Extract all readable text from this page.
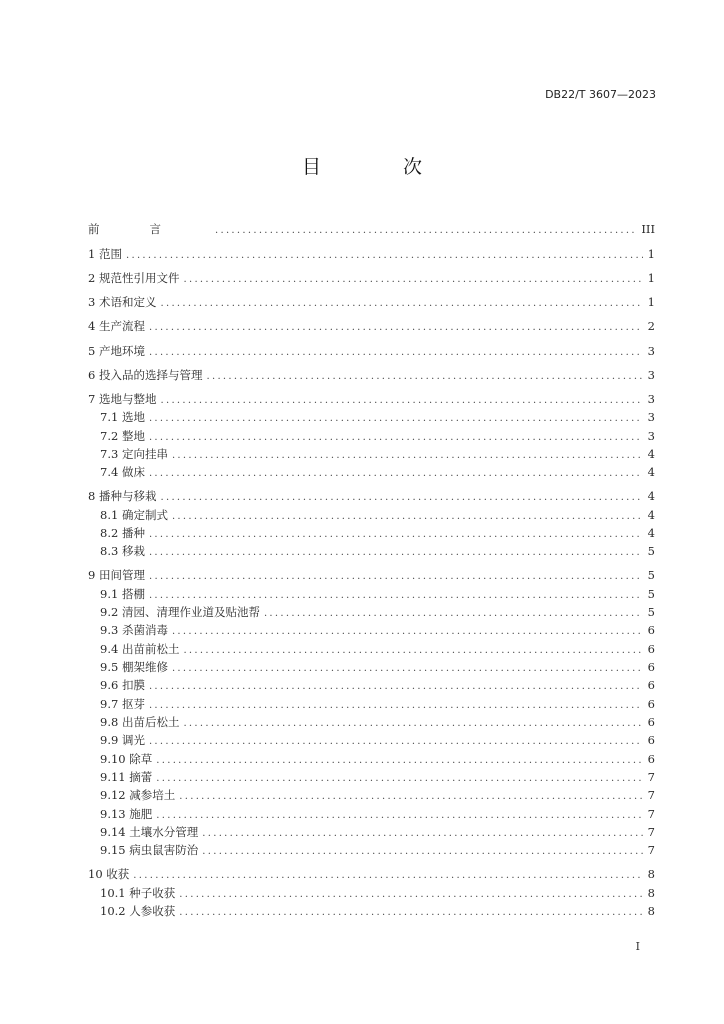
DB22/T 3607—2023
目 次
前言 .....	III
1 范围 .....	1
2 规范性引用文件 .....	1
3 术语和定义 .....	1
4 生产流程 .....	2
5 产地环境 .....	3
6 投入品的选择与管理 .....	3
7 选地与整地 .....	3
7.1 选地 .....	3
7.2 整地 .....	3
7.3 定向挂串 .....	4
7.4 做床 .....	4
8 播种与移栽 .....	4
8.1 确定制式 .....	4
8.2 播种 .....	4
8.3 移栽 .....	5
9 田间管理 .....	5
9.1 搭棚 .....	5
9.2 清园、清理作业道及贴池帮 .....	5
9.3 杀菌消毒 .....	6
9.4 出苗前松土 .....	6
9.5 棚架维修 .....	6
9.6 扣膜 .....	6
9.7 抠芽 .....	6
9.8 出苗后松土 .....	6
9.9 调光 .....	6
9.10 除草 .....	6
9.11 摘蕾 .....	7
9.12 减参培土 .....	7
9.13 施肥 .....	7
9.14 土壤水分管理 .....	7
9.15 病虫鼠害防治 .....	7
10 收获 .....	8
10.1 种子收获 .....	8
10.2 人参收获 .....	8
I
